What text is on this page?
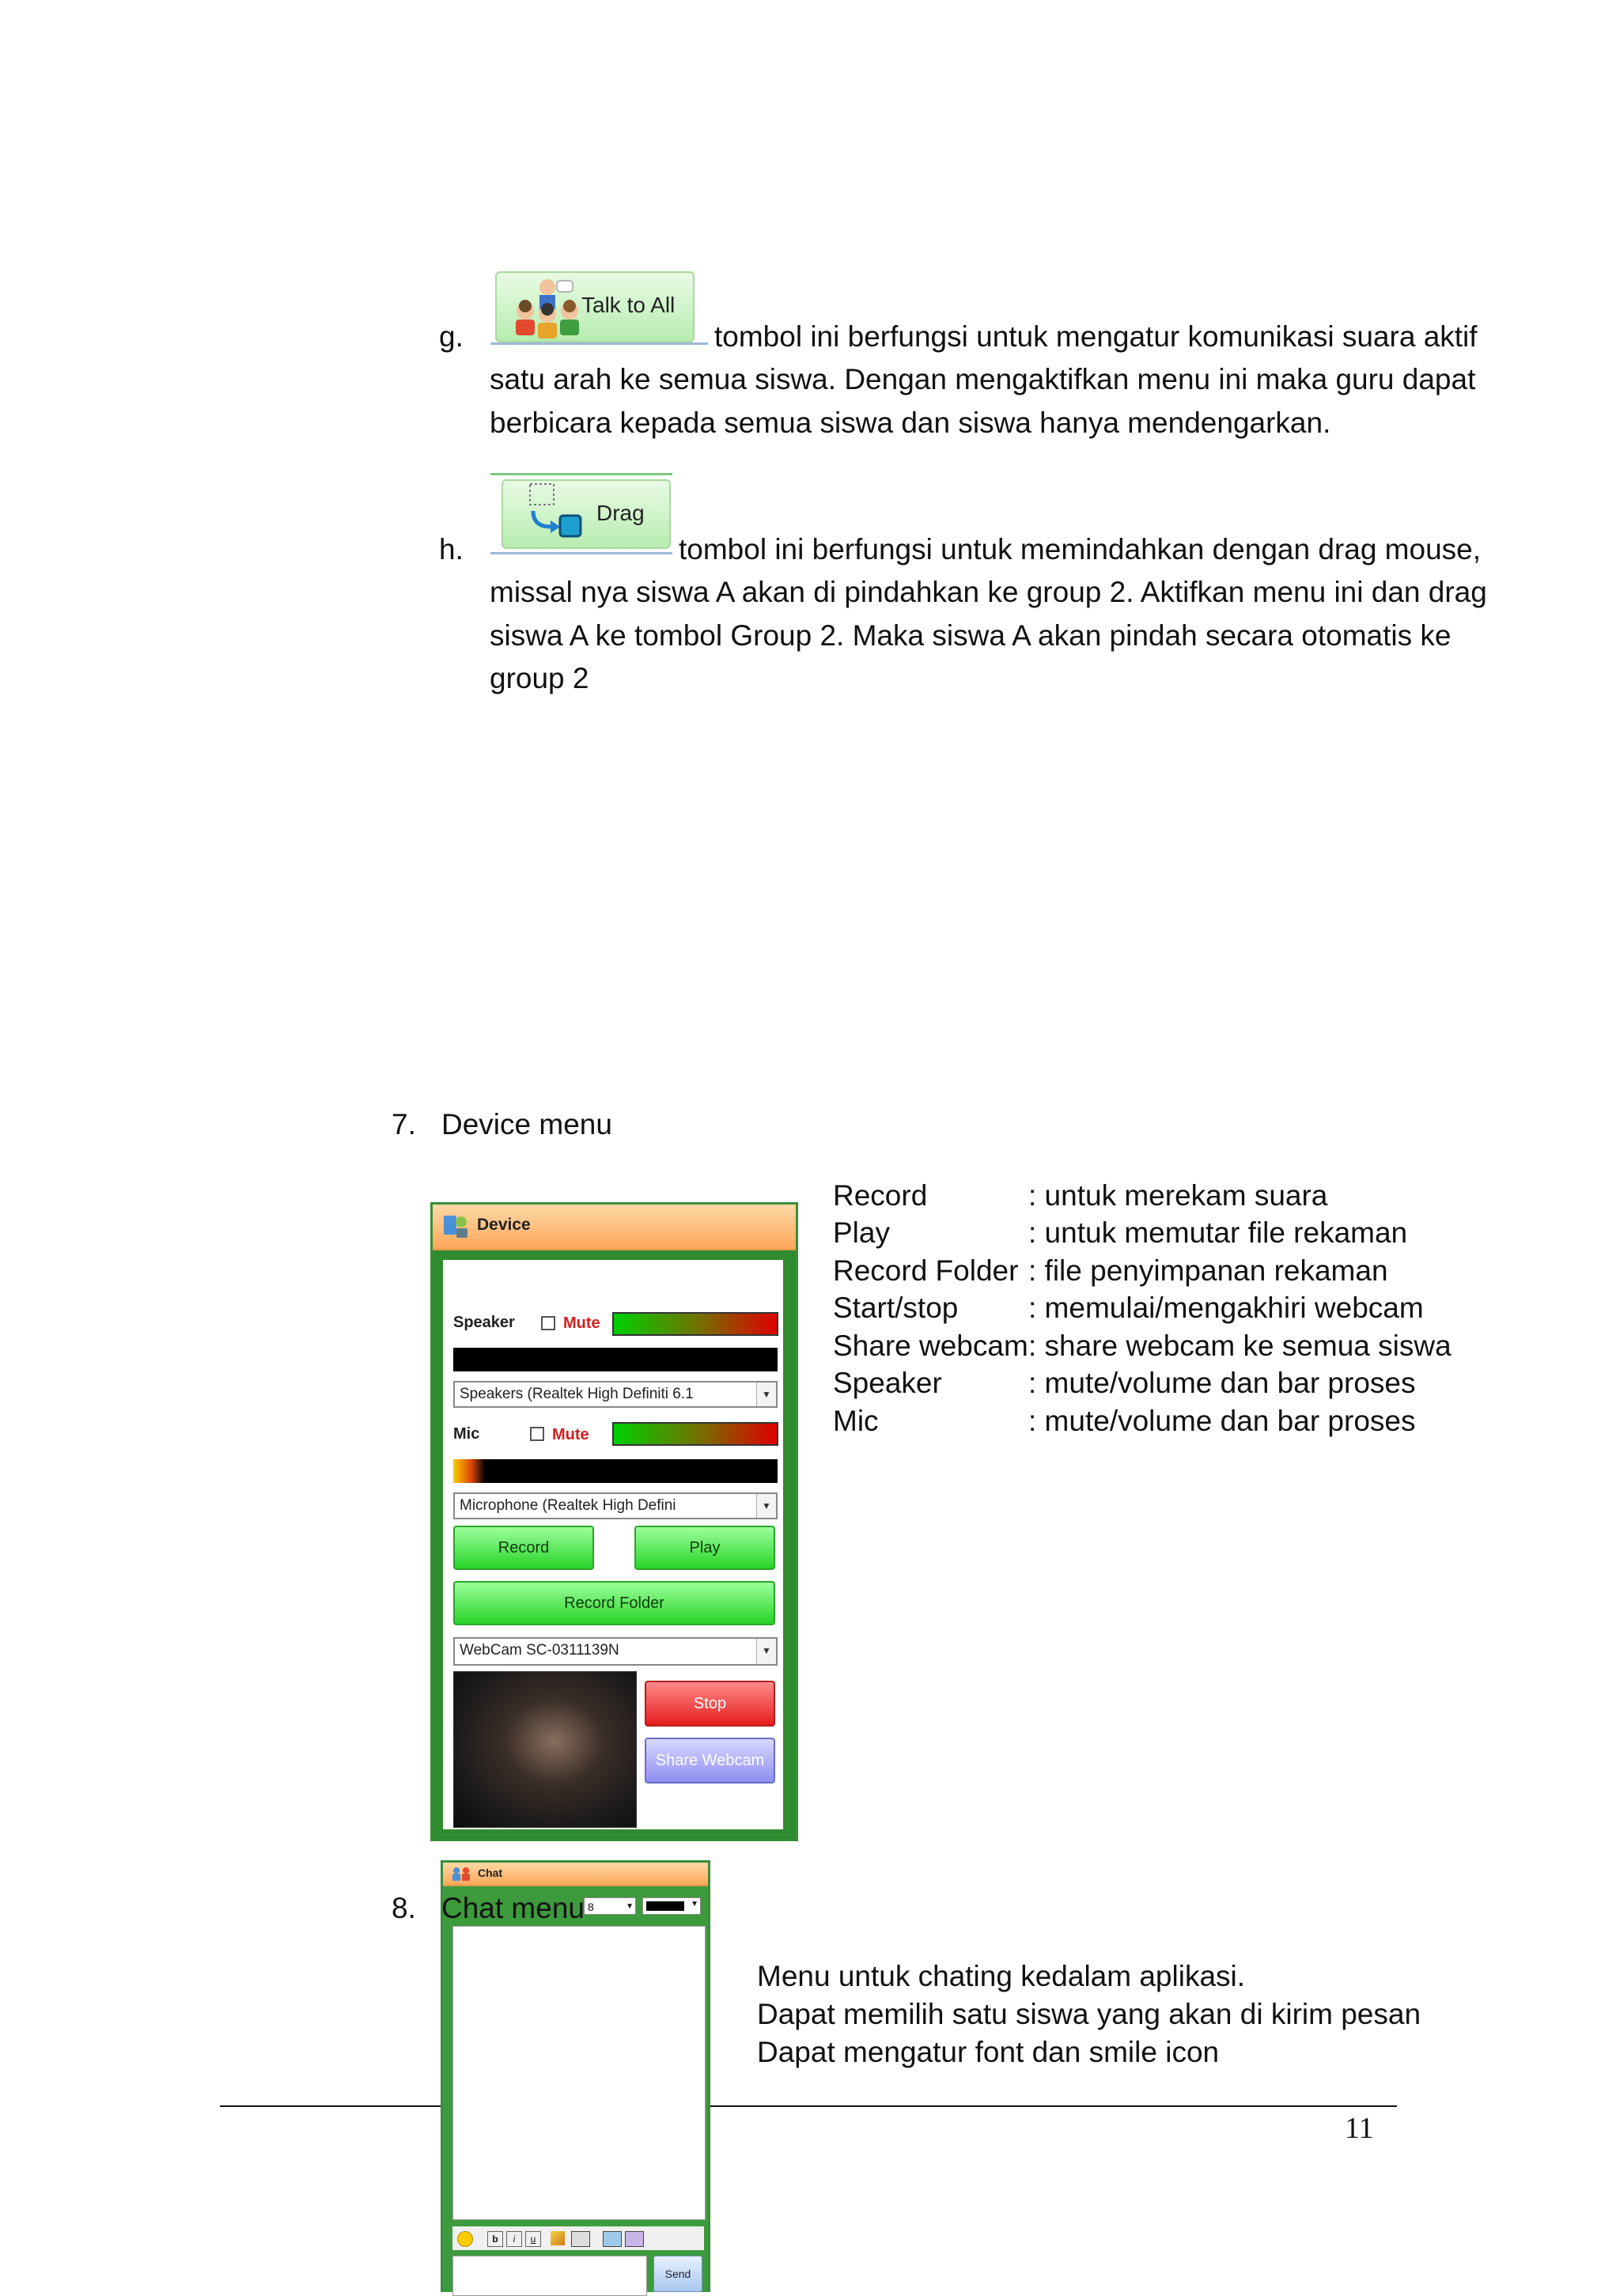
g.
Talk to All
tombol ini berfungsi untuk mengatur komunikasi suara aktif
satu arah ke semua siswa. Dengan mengaktifkan menu ini maka guru dapat
berbicara kepada semua siswa dan siswa hanya mendengarkan.
h.
Drag
tombol ini berfungsi untuk memindahkan dengan drag mouse,
missal nya siswa A akan di pindahkan ke group 2. Aktifkan menu ini dan drag
siswa A ke tombol Group 2. Maka siswa A akan pindah secara otomatis ke
group 2
7. Device menu
Record	: untuk merekam suara
Play	: untuk memutar file rekaman
Record Folder : file penyimpanan rekaman
Start/stop : memulai/mengakhiri webcam
Share webcam : share webcam ke semua siswa
Speaker	: mute/volume dan bar proses
Mic	: mute/volume dan bar proses
Device
Speaker	Mute
Speakers (Realtek High Definiti 6.1	▼
Mic	Mute
Microphone (Realtek High Defini	▼
Record	Play
Record Folder
WebCam SC-0311139N	▼
Stop
Share Webcam
Chat
8	▼	▼
b	i	u
Send
8. Chat menu
Menu untuk chating kedalam aplikasi.
Dapat memilih satu siswa yang akan di kirim pesan
Dapat mengatur font dan smile icon
11
